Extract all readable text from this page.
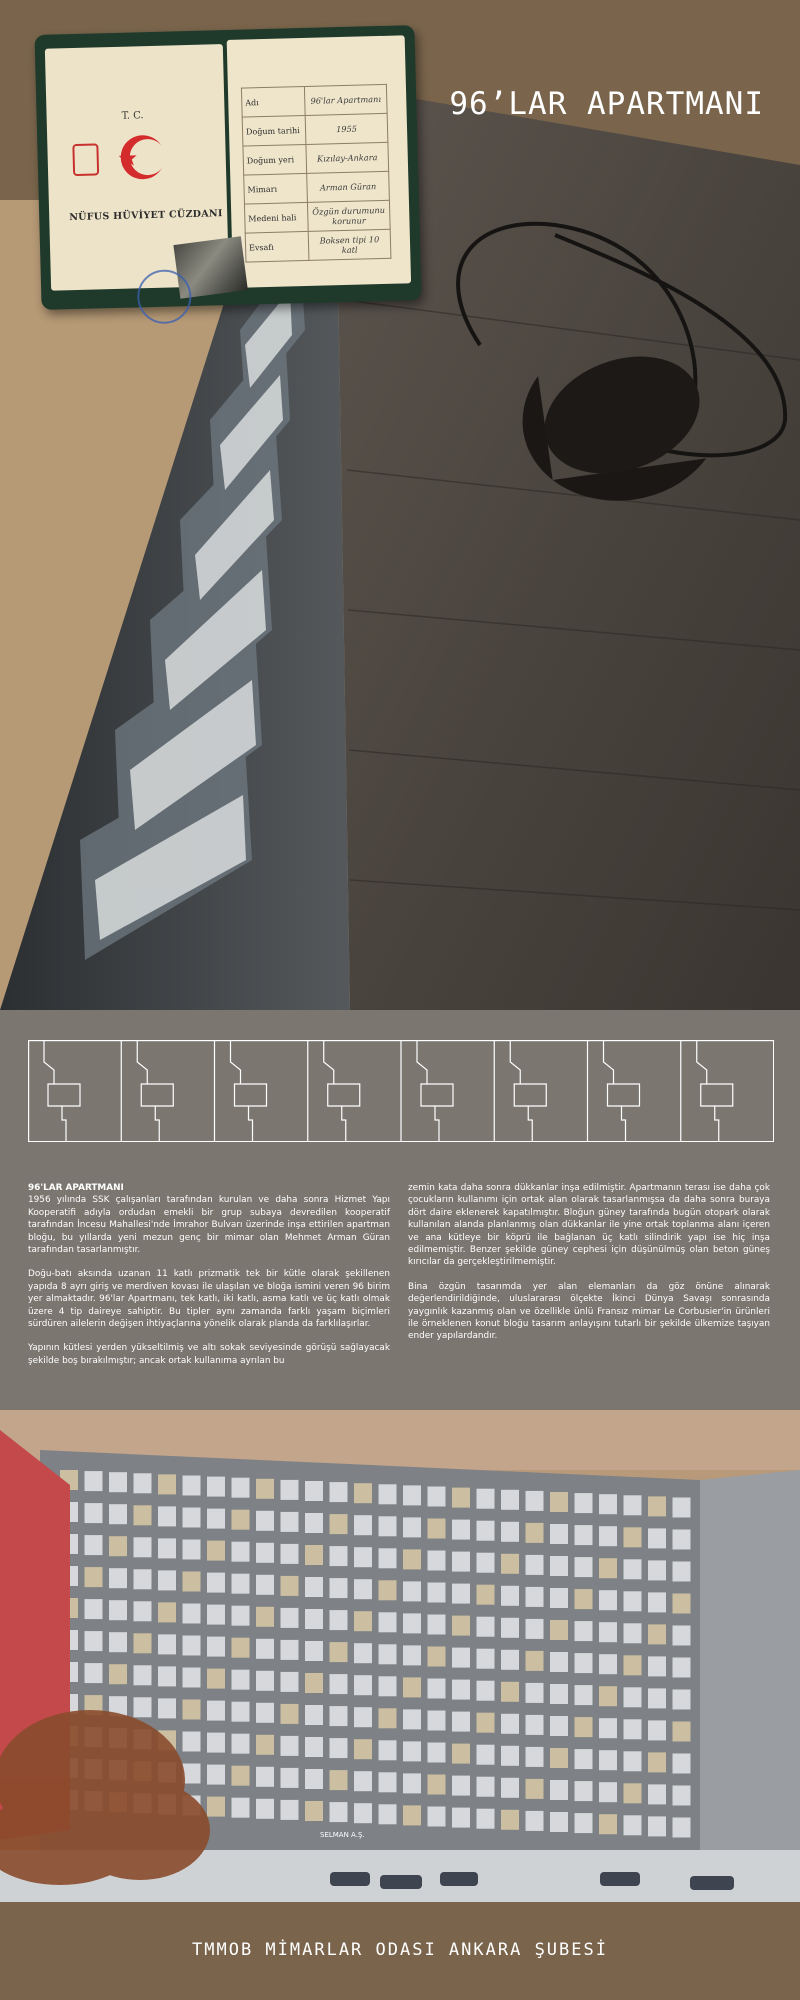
96’LAR APARTMANI
T. C.
NÜFUS HÜVİYET CÜZDANI
Adı	96'lar Apartmanı
Doğum tarihi	1955
Doğum yeri	Kızılay-Ankara
Mimarı	Arman Güran
Medeni hali	Özgün durumunu korunur
Evsafı	Boksen tipi 10 katl
96'LAR APARTMANI

1956 yılında SSK çalışanları tarafından kurulan ve daha sonra Hizmet Yapı Kooperatifi adıyla ordudan emekli bir grup subaya devredilen kooperatif tarafından İncesu Mahallesi'nde İmrahor Bulvarı üzerinde inşa ettirilen apartman bloğu, bu yıllarda yeni mezun genç bir mimar olan Mehmet Arman Güran tarafından tasarlanmıştır.

Doğu-batı aksında uzanan 11 katlı prizmatik tek bir kütle olarak şekillenen yapıda 8 ayrı giriş ve merdiven kovası ile ulaşılan ve bloğa ismini veren 96 birim yer almaktadır. 96'lar Apartmanı, tek katlı, iki katlı, asma katlı ve üç katlı olmak üzere 4 tip daireye sahiptir. Bu tipler aynı zamanda farklı yaşam biçimleri sürdüren ailelerin değişen ihtiyaçlarına yönelik olarak planda da farklılaşırlar.

Yapının kütlesi yerden yükseltilmiş ve altı sokak seviyesinde görüşü sağlayacak şekilde boş bırakılmıştır; ancak ortak kullanıma ayrılan bu

zemin kata daha sonra dükkanlar inşa edilmiştir. Apartmanın terası ise daha çok çocukların kullanımı için ortak alan olarak tasarlanmışsa da daha sonra buraya dört daire eklenerek kapatılmıştır. Bloğun güney tarafında bugün otopark olarak kullanılan alanda planlanmış olan dükkanlar ile yine ortak toplanma alanı içeren ve ana kütleye bir köprü ile bağlanan üç katlı silindirik yapı ise hiç inşa edilmemiştir. Benzer şekilde güney cephesi için düşünülmüş olan beton güneş kırıcılar da gerçekleştirilmemiştir.

Bina özgün tasarımda yer alan elemanları da göz önüne alınarak değerlendirildiğinde, uluslararası ölçekte İkinci Dünya Savaşı sonrasında yaygınlık kazanmış olan ve özellikle ünlü Fransız mimar Le Corbusier'in ürünleri ile örneklenen konut bloğu tasarım anlayışını tutarlı bir şekilde ülkemize taşıyan ender yapılardandır.

SELMAN A.Ş.
TMMOB MİMARLAR ODASI ANKARA ŞUBESİ
